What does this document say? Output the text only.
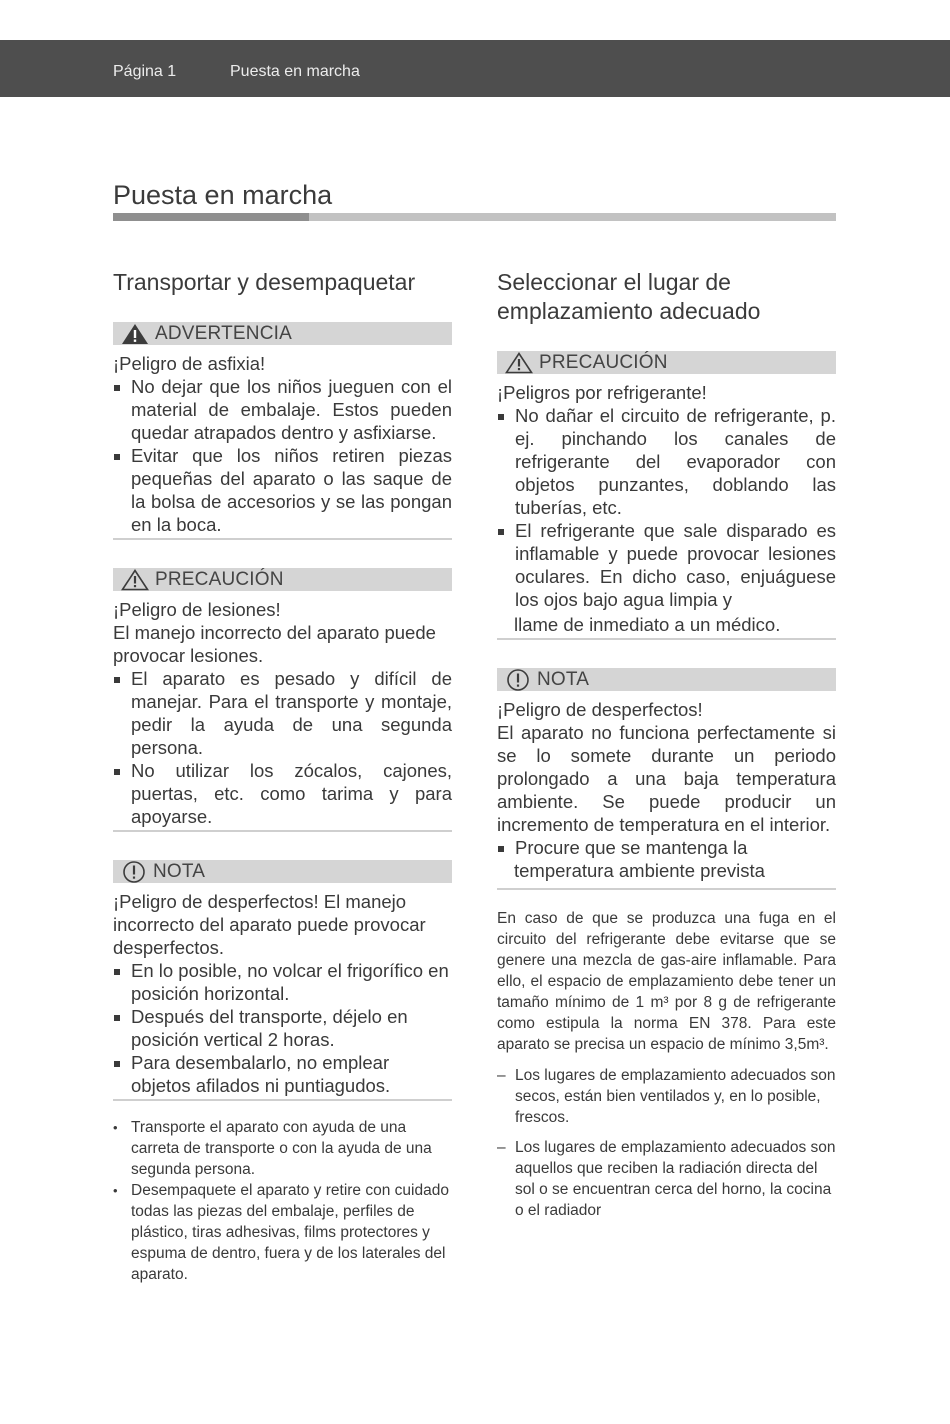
Página 1	Puesta en marcha
Puesta en marcha
Transportar y desempaquetar
ADVERTENCIA

¡Peligro de asfixia!

No dejar que los niños jueguen con el material de embalaje. Estos pueden quedar atrapados dentro y asfixiarse.
Evitar que los niños retiren piezas pequeñas del aparato o las saque de la bolsa de accesorios y se las pongan en la boca.
PRECAUCIÓN

¡Peligro de lesiones!

El manejo incorrecto del aparato puede provocar lesiones.

El aparato es pesado y difícil de manejar. Para el transporte y montaje, pedir la ayuda de una segunda persona.
No utilizar los zócalos, cajones, puertas, etc. como tarima y para apoyarse.
NOTA

¡Peligro de desperfectos! El manejo incorrecto del aparato puede provocar desperfectos.

En lo posible, no volcar el frigorífico en posición horizontal.
Después del transporte, déjelo en posición vertical 2 horas.
Para desembalarlo, no emplear objetos afilados ni puntiagudos.
• Transporte el aparato con ayuda de una carreta de transporte o con la ayuda de una segunda persona.
• Desempaquete el aparato y retire con cuidado todas las piezas del embalaje, perfiles de plástico, tiras adhesivas, films protectores y espuma de dentro, fuera y de los laterales del aparato.
Seleccionar el lugar de emplazamiento adecuado
PRECAUCIÓN

¡Peligros por refrigerante!

No dañar el circuito de refrigerante, p. ej. pinchando los canales de refrigerante del evaporador con objetos punzantes, doblando las tuberías, etc.
El refrigerante que sale disparado es inflamable y puede provocar lesiones oculares. En dicho caso, enjuáguese los ojos bajo agua limpia y

llame de inmediato a un médico.

NOTA

¡Peligro de desperfectos!

El aparato no funciona perfectamente si se lo somete durante un periodo prolongado a una baja temperatura ambiente. Se puede producir un incremento de temperatura en el interior.

Procure que se mantenga la

temperatura ambiente prevista

En caso de que se produzca una fuga en el circuito del refrigerante debe evitarse que se genere una mezcla de gas-aire inflamable. Para ello, el espacio de emplazamiento debe tener un tamaño mínimo de 1 m³ por 8 g de refrigerante como estipula la norma EN 378. Para este aparato se precisa un espacio de mínimo 3,5m³.

– Los lugares de emplazamiento adecuados son secos, están bien ventilados y, en lo posible, frescos.
– Los lugares de emplazamiento adecuados son aquellos que reciben la radiación directa del sol o se encuentran cerca del horno, la cocina o el radiador
